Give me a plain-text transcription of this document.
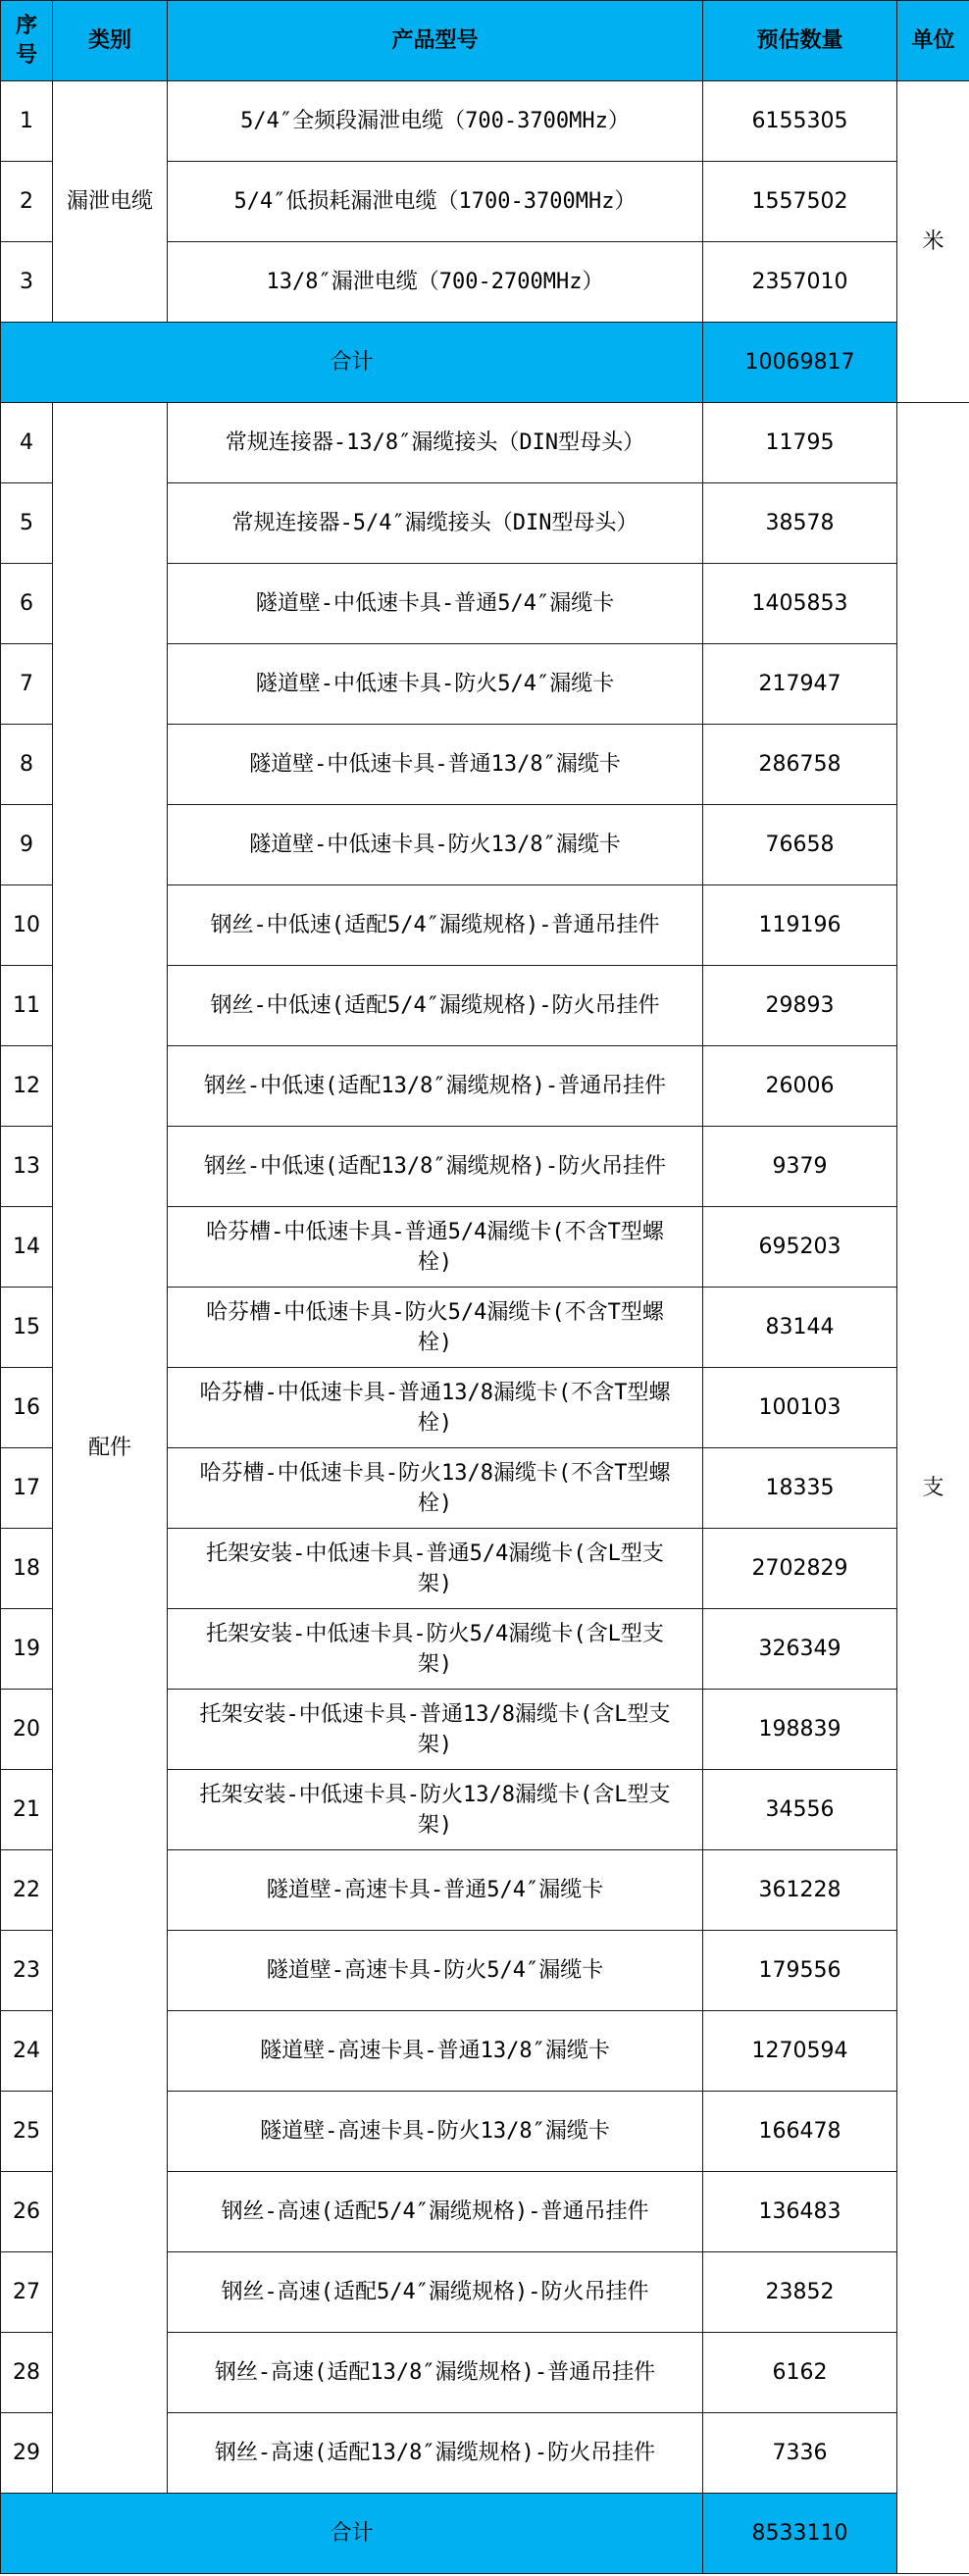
序号	类别	产品型号	预估数量	单位
1	漏泄电缆	5/4″全频段漏泄电缆（700-3700MHz）	6155305	米
2		5/4″低损耗漏泄电缆（1700-3700MHz）	1557502	
3		13/8″漏泄电缆（700-2700MHz）	2357010	
合计			10069817	
4	配件	常规连接器-13/8″漏缆接头（DIN型母头）	11795	支
5		常规连接器-5/4″漏缆接头（DIN型母头）	38578	
6		隧道壁-中低速卡具-普通5/4″漏缆卡	1405853	
7		隧道壁-中低速卡具-防火5/4″漏缆卡	217947	
8		隧道壁-中低速卡具-普通13/8″漏缆卡	286758	
9		隧道壁-中低速卡具-防火13/8″漏缆卡	76658	
10		钢丝-中低速(适配5/4″漏缆规格)-普通吊挂件	119196	
11		钢丝-中低速(适配5/4″漏缆规格)-防火吊挂件	29893	
12		钢丝-中低速(适配13/8″漏缆规格)-普通吊挂件	26006	
13		钢丝-中低速(适配13/8″漏缆规格)-防火吊挂件	9379	
14		哈芬槽-中低速卡具-普通5/4漏缆卡(不含T型螺栓)	695203	
15		哈芬槽-中低速卡具-防火5/4漏缆卡(不含T型螺栓)	83144	
16		哈芬槽-中低速卡具-普通13/8漏缆卡(不含T型螺栓)	100103	
17		哈芬槽-中低速卡具-防火13/8漏缆卡(不含T型螺栓)	18335	
18		托架安装-中低速卡具-普通5/4漏缆卡(含L型支架)	2702829	
19		托架安装-中低速卡具-防火5/4漏缆卡(含L型支架)	326349	
20		托架安装-中低速卡具-普通13/8漏缆卡(含L型支架)	198839	
21		托架安装-中低速卡具-防火13/8漏缆卡(含L型支架)	34556	
22		隧道壁-高速卡具-普通5/4″漏缆卡	361228	
23		隧道壁-高速卡具-防火5/4″漏缆卡	179556	
24		隧道壁-高速卡具-普通13/8″漏缆卡	1270594	
25		隧道壁-高速卡具-防火13/8″漏缆卡	166478	
26		钢丝-高速(适配5/4″漏缆规格)-普通吊挂件	136483	
27		钢丝-高速(适配5/4″漏缆规格)-防火吊挂件	23852	
28		钢丝-高速(适配13/8″漏缆规格)-普通吊挂件	6162	
29		钢丝-高速(适配13/8″漏缆规格)-防火吊挂件	7336	
合计			8533110	
